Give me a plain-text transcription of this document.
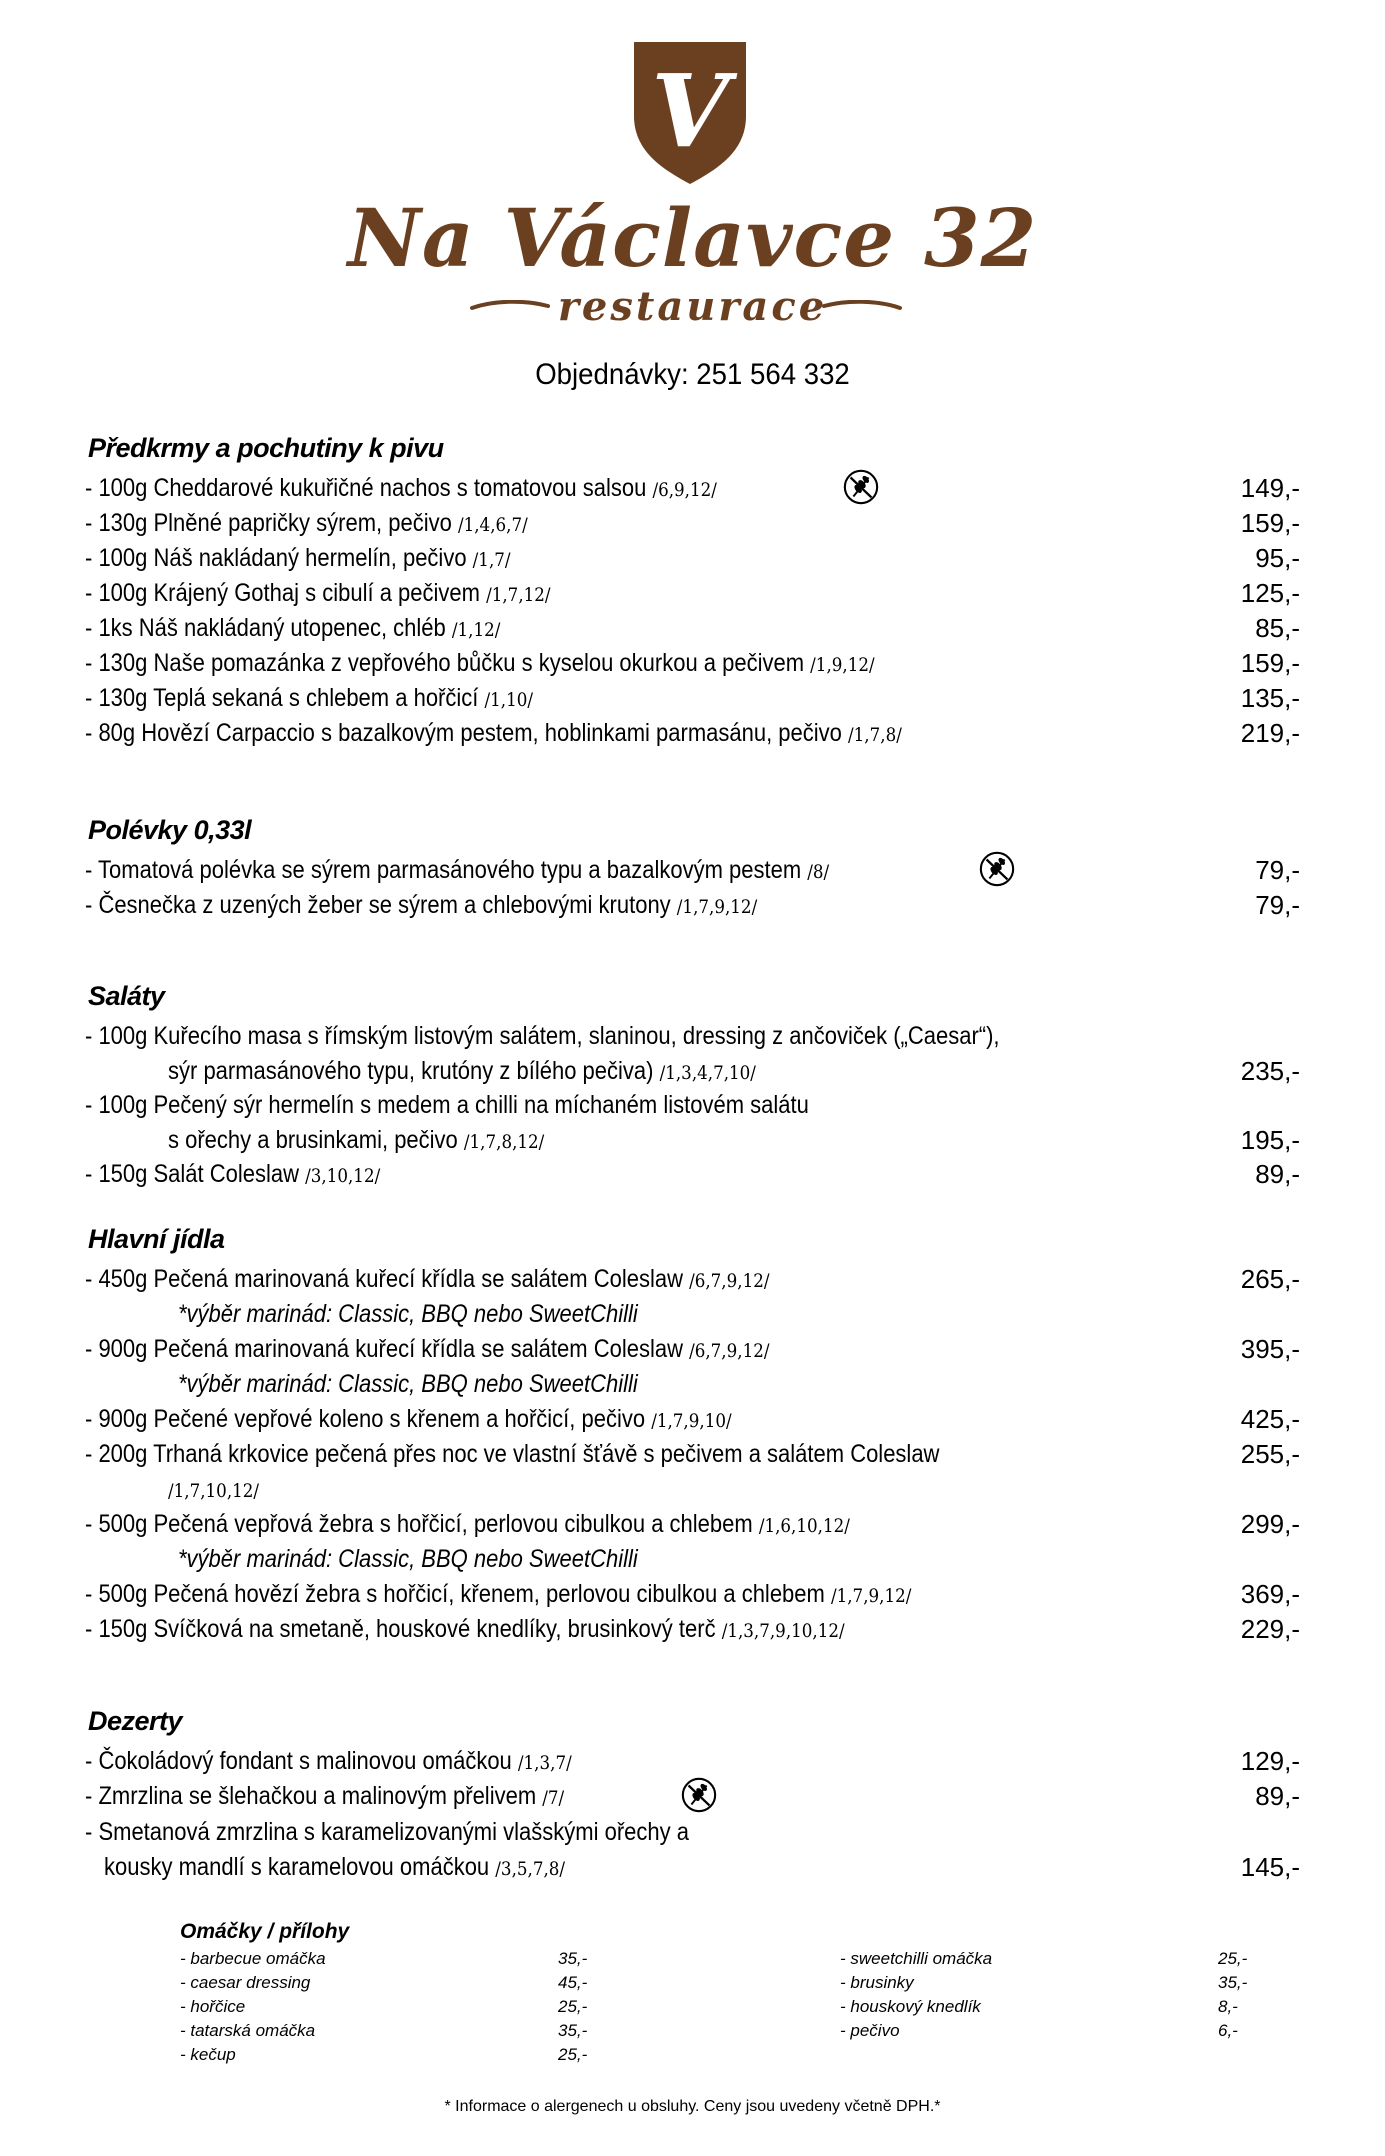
V
Na Václavce 32
restaurace
Objednávky: 251 564 332
Předkrmy a pochutiny k pivu
Polévky 0,33l
Saláty
Hlavní jídla
Dezerty
Omáčky / přílohy
* Informace o alergenech u obsluhy. Ceny jsou uvedeny včetně DPH.*
- 100g Cheddarové kukuřičné nachos s tomatovou salsou /6,9,12/	149,-
- 130g Plněné papričky sýrem, pečivo /1,4,6,7/	159,-
- 100g Náš nakládaný hermelín, pečivo /1,7/	95,-
- 100g Krájený Gothaj s cibulí a pečivem /1,7,12/	125,-
- 1ks Náš nakládaný utopenec, chléb /1,12/	85,-
- 130g Naše pomazánka z vepřového bůčku s kyselou okurkou a pečivem /1,9,12/	159,-
- 130g Teplá sekaná s chlebem a hořčicí /1,10/	135,-
- 80g Hovězí Carpaccio s bazalkovým pestem, hoblinkami parmasánu, pečivo /1,7,8/	219,-
- Tomatová polévka se sýrem parmasánového typu a bazalkovým pestem /8/	79,-
- Česnečka z uzených žeber se sýrem a chlebovými krutony /1,7,9,12/	79,-
- 100g Kuřecího masa s římským listovým salátem, slaninou, dressing z ančoviček („Caesar“),
sýr parmasánového typu, krutóny z bílého pečiva) /1,3,4,7,10/	235,-
- 100g Pečený sýr hermelín s medem a chilli na míchaném listovém salátu
s ořechy a brusinkami, pečivo /1,7,8,12/	195,-
- 150g Salát Coleslaw /3,10,12/	89,-
- 450g Pečená marinovaná kuřecí křídla se salátem Coleslaw /6,7,9,12/	265,-
*výběr marinád: Classic, BBQ nebo SweetChilli
- 900g Pečená marinovaná kuřecí křídla se salátem Coleslaw /6,7,9,12/	395,-
*výběr marinád: Classic, BBQ nebo SweetChilli
- 900g Pečené vepřové koleno s křenem a hořčicí, pečivo /1,7,9,10/	425,-
- 200g Trhaná krkovice pečená přes noc ve vlastní šťávě s pečivem a salátem Coleslaw	255,-
/1,7,10,12/
- 500g Pečená vepřová žebra s hořčicí, perlovou cibulkou a chlebem /1,6,10,12/	299,-
*výběr marinád: Classic, BBQ nebo SweetChilli
- 500g Pečená hovězí žebra s hořčicí, křenem, perlovou cibulkou a chlebem /1,7,9,12/	369,-
- 150g Svíčková na smetaně, houskové knedlíky, brusinkový terč /1,3,7,9,10,12/	229,-
- Čokoládový fondant s malinovou omáčkou /1,3,7/	129,-
- Zmrzlina se šlehačkou a malinovým přelivem /7/	89,-
- Smetanová zmrzlina s karamelizovanými vlašskými ořechy a
kousky mandlí s karamelovou omáčkou /3,5,7,8/	145,-
- barbecue omáčka	35,-
- caesar dressing	45,-
- hořčice	25,-
- tatarská omáčka	35,-
- kečup	25,-
- sweetchilli omáčka	25,-
- brusinky	35,-
- houskový knedlík	8,-
- pečivo	6,-
